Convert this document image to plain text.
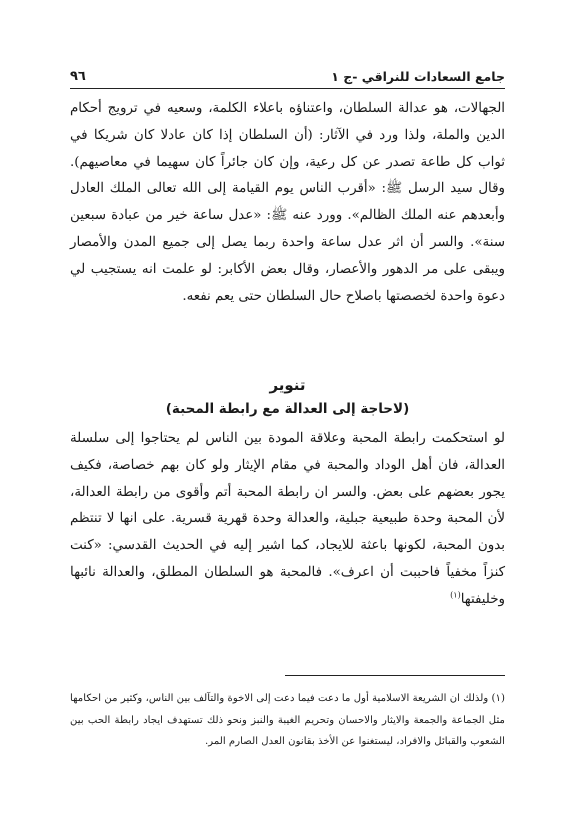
جامع السعادات للنراقي -ج ١
٩٦

الجهالات، هو عدالة السلطان، واعتناؤه باعلاء الكلمة، وسعيه في ترويج أحكام الدين والملة، ولذا ورد في الآثار: (أن السلطان إذا كان عادلا كان شريكا في ثواب كل طاعة تصدر عن كل رعية، وإن كان جائراً كان سهيما في معاصيهم). وقال سيد الرسل ﷺ: «أقرب الناس يوم القيامة إلى الله تعالى الملك العادل وأبعدهم عنه الملك الظالم». وورد عنه ﷺ: «عدل ساعة خير من عبادة سبعين سنة». والسر أن اثر عدل ساعة واحدة ربما يصل إلى جميع المدن والأمصار ويبقى على مر الدهور والأعصار، وقال بعض الأكابر: لو علمت انه يستجيب لي دعوة واحدة لخصصتها باصلاح حال السلطان حتى يعم نفعه.

تنوير
(لاحاجة إلى العدالة مع رابطة المحبة)

لو استحكمت رابطة المحبة وعلاقة المودة بين الناس لم يحتاجوا إلى سلسلة العدالة، فان أهل الوداد والمحبة في مقام الإيثار ولو كان بهم خصاصة، فكيف يجور بعضهم على بعض. والسر ان رابطة المحبة أتم وأقوى من رابطة العدالة، لأن المحبة وحدة طبيعية جبلية، والعدالة وحدة قهرية قسرية. على انها لا تنتظم بدون المحبة، لكونها باعثة للايجاد، كما اشير إليه في الحديث القدسي: «كنت كنزاً مخفياً فاحببت أن اعرف». فالمحبة هو السلطان المطلق، والعدالة نائبها وخليفتها$^{(١)}$

(١) ولذلك ان الشريعة الاسلامية أول ما دعت فيما دعت إلى الاخوة والتآلف بين الناس، وكثير من احكامها مثل الجماعة والجمعة والايثار والاحسان وتحريم الغيبة والنبز ونحو ذلك تستهدف ايجاد رابطة الحب بين الشعوب والقبائل والافراد، ليستغنوا عن الأخذ بقانون العدل الصارم المر.
